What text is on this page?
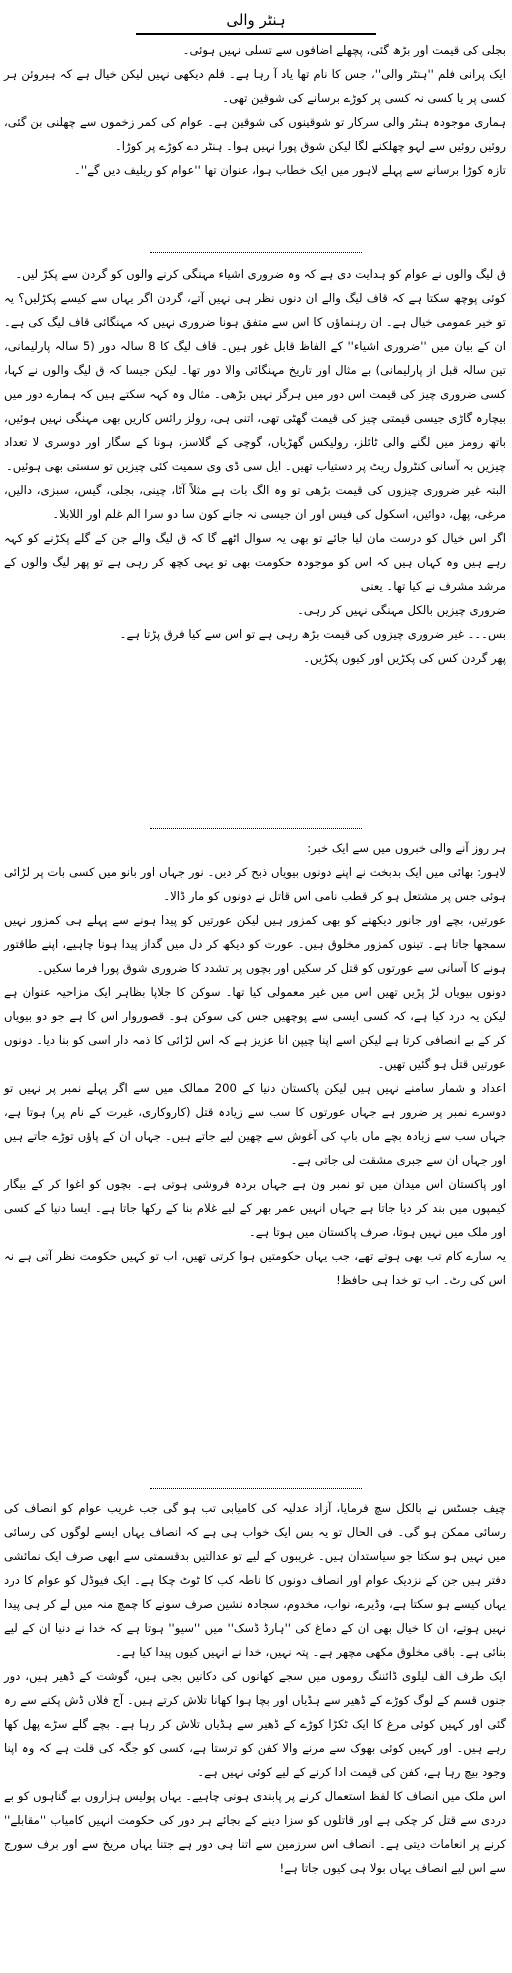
ہنٹر والی

بجلی کی قیمت اور بڑھ گئی، پچھلے اضافوں سے تسلی نہیں ہوئی۔

ایک پرانی فلم ''ہنٹر والی''، جس کا نام تھا یاد آ رہا ہے۔ فلم دیکھی نہیں لیکن خیال ہے کہ ہیروئن ہر کسی پر یا کسی نہ کسی پر کوڑے برسانے کی شوقین تھی۔

ہماری موجودہ ہنٹر والی سرکار تو شوقینوں کی شوقین ہے۔ عوام کی کمر زخموں سے چھلنی بن گئی، روئیں روئیں سے لہو چھلکنے لگا لیکن شوق پورا نہیں ہوا۔ ہنٹر دے کوڑے پر کوڑا۔

تازہ کوڑا برسانے سے پہلے لاہور میں ایک خطاب ہوا، عنوان تھا ''عوام کو ریلیف دیں گے''۔

ق لیگ والوں نے عوام کو ہدایت دی ہے کہ وہ ضروری اشیاء مہنگی کرنے والوں کو گردن سے پکڑ لیں۔

کوئی پوچھ سکتا ہے کہ قاف لیگ والے ان دنوں نظر ہی نہیں آتے، گردن اگر یہاں سے کیسے پکڑلیں؟ یہ تو خیر عمومی خیال ہے۔ ان رہنماؤں کا اس سے متفق ہونا ضروری نہیں کہ مہنگائی قاف لیگ کی ہے۔ ان کے بیان میں ''ضروری اشیاء'' کے الفاظ قابل غور ہیں۔ قاف لیگ کا 8 سالہ دور (5 سالہ پارلیمانی، تین سالہ قبل از پارلیمانی) بے مثال اور تاریخ مہنگائی والا دور تھا۔ لیکن جیسا کہ ق لیگ والوں نے کہا، کسی ضروری چیز کی قیمت اس دور میں ہرگز نہیں بڑھی۔ مثال وہ کہہ سکتے ہیں کہ ہمارے دور میں بیچارہ گاڑی جیسی قیمتی چیز کی قیمت گھٹی تھی، اتنی ہی، رولز رائس کاریں بھی مہنگی نہیں ہوئیں، باتھ رومز میں لگنے والی ٹائلز، رولیکس گھڑیاں، گوچی کے گلاسز، ہونا کے سگار اور دوسری لا تعداد چیزیں بہ آسانی کنٹرول ریٹ پر دستیاب تھیں۔ ایل سی ڈی وی سمیت کئی چیزیں تو سستی بھی ہوئیں۔

البتہ غیر ضروری چیزوں کی قیمت بڑھی تو وہ الگ بات ہے مثلاً آٹا، چینی، بجلی، گیس، سبزی، دالیں، مرغی، پھل، دوائیں، اسکول کی فیس اور ان جیسی نہ جانے کون سا دو سرا الم غلم اور اللابلا۔

اگر اس خیال کو درست مان لیا جائے تو بھی یہ سوال اٹھے گا کہ ق لیگ والے جن کے گلے پکڑنے کو کہہ رہے ہیں وہ کہاں ہیں کہ اس کو موجودہ حکومت بھی تو یہی کچھ کر رہی ہے تو پھر لیگ والوں کے مرشد مشرف نے کیا تھا۔ یعنی

ضروری چیزیں بالکل مہنگی نہیں کر رہی۔

بس۔۔۔ غیر ضروری چیزوں کی قیمت بڑھ رہی ہے تو اس سے کیا فرق پڑتا ہے۔

پھر گردن کس کی پکڑیں اور کیوں پکڑیں۔

ہر روز آنے والی خبروں میں سے ایک خبر:

لاہور: بھائی میں ایک بدبخت نے اپنے دونوں بیویاں ذبح کر دیں۔ نور جہاں اور بانو میں کسی بات پر لڑائی ہوئی جس پر مشتعل ہو کر قطب نامی اس قاتل نے دونوں کو مار ڈالا۔

عورتیں، بچے اور جانور دیکھنے کو بھی کمزور ہیں لیکن عورتیں کو پیدا ہونے سے پہلے ہی کمزور نہیں سمجھا جاتا ہے۔ تینوں کمزور مخلوق ہیں۔ عورت کو دیکھ کر دل میں گداز پیدا ہونا چاہیے، اپنے طاقتور ہونے کا آسانی سے عورتوں کو قتل کر سکیں اور بچوں پر تشدد کا ضروری شوق پورا فرما سکیں۔

دونوں بیویاں لڑ پڑیں تھیں اس میں غیر معمولی کیا تھا۔ سوکن کا جلاپا بظاہر ایک مزاحیہ عنوان ہے لیکن یہ درد کیا ہے، کہ کسی ایسی سے پوچھیں جس کی سوکن ہو۔ قصوروار اس کا ہے جو دو بیویاں کر کے بے انصافی کرتا ہے لیکن اسے اپنا چیپن انا عزیز ہے کہ اس لڑائی کا ذمہ دار اسی کو بنا دیا۔ دونوں عورتیں قتل ہو گئیں تھیں۔

اعداد و شمار سامنے نہیں ہیں لیکن پاکستان دنیا کے 200 ممالک میں سے اگر پہلے نمبر پر نہیں تو دوسرے نمبر پر ضرور ہے جہاں عورتوں کا سب سے زیادہ قتل (کاروکاری، غیرت کے نام پر) ہوتا ہے، جہاں سب سے زیادہ بچے ماں باپ کی آغوش سے چھین لیے جاتے ہیں۔ جہاں ان کے پاؤں توڑے جاتے ہیں اور جہاں ان سے جبری مشقت لی جاتی ہے۔

اور پاکستان اس میدان میں تو نمبر ون ہے جہاں بردہ فروشی ہوتی ہے۔ بچوں کو اغوا کر کے بیگار کیمپوں میں بند کر دیا جاتا ہے جہاں انہیں عمر بھر کے لیے غلام بنا کے رکھا جاتا ہے۔ ایسا دنیا کے کسی اور ملک میں نہیں ہوتا، صرف پاکستان میں ہوتا ہے۔

یہ سارے کام تب بھی ہوتے تھے، جب یہاں حکومتیں ہوا کرتی تھیں، اب تو کہیں حکومت نظر آتی ہے نہ اس کی رٹ۔ اب تو خدا ہی حافظ!

چیف جسٹس نے بالکل سچ فرمایا، آزاد عدلیہ کی کامیابی تب ہو گی جب غریب عوام کو انصاف کی رسائی ممکن ہو گی۔ فی الحال تو یہ بس ایک خواب ہی ہے کہ انصاف یہاں ایسے لوگوں کی رسائی میں نہیں ہو سکتا جو سیاستدان ہیں۔ غریبوں کے لیے تو عدالتیں بدقسمتی سے ابھی صرف ایک نمائشی دفتر ہیں جن کے نزدیک عوام اور انصاف دونوں کا ناطہ کب کا ٹوٹ چکا ہے۔ ایک فیوڈل کو عوام کا درد یہاں کیسے ہو سکتا ہے، وڈیرے، نواب، مخدوم، سجادہ نشین صرف سونے کا چمچ منہ میں لے کر ہی پیدا نہیں ہوتے، ان کا خیال بھی ان کے دماغ کی ''ہارڈ ڈسک'' میں ''سیو'' ہوتا ہے کہ خدا نے دنیا ان کے لیے بنائی ہے۔ باقی مخلوق مکھی مچھر ہے۔ پتہ نہیں، خدا نے انہیں کیوں پیدا کیا ہے۔

ایک طرف الف لیلوی ڈائننگ روموں میں سجے کھانوں کی دکانیں بجی ہیں، گوشت کے ڈھیر ہیں، دور جنوں قسم کے لوگ کوڑے کے ڈھیر سے ہڈیاں اور بچا ہوا کھانا تلاش کرتے ہیں۔ آج فلاں ڈش پکنے سے رہ گئی اور کہیں کوئی مرغ کا ایک ٹکڑا کوڑے کے ڈھیر سے ہڈیاں تلاش کر رہا ہے۔ بچے گلے سڑے پھل کھا رہے ہیں۔ اور کہیں کوئی بھوک سے مرنے والا کفن کو ترستا ہے، کسی کو جگہ کی قلت ہے کہ وہ اپنا وجود بیچ رہا ہے، کفن کی قیمت ادا کرنے کے لیے کوئی نہیں ہے۔

اس ملک میں انصاف کا لفظ استعمال کرنے پر پابندی ہونی چاہیے۔ یہاں پولیس ہزاروں بے گناہوں کو بے دردی سے قتل کر چکی ہے اور قاتلوں کو سزا دینے کے بجائے ہر دور کی حکومت انہیں کامیاب ''مقابلے'' کرنے پر انعامات دیتی ہے۔ انصاف اس سرزمین سے اتنا ہی دور ہے جتنا یہاں مریخ سے اور برف سورج سے اس لیے انصاف یہاں بولا ہی کیوں جاتا ہے!
